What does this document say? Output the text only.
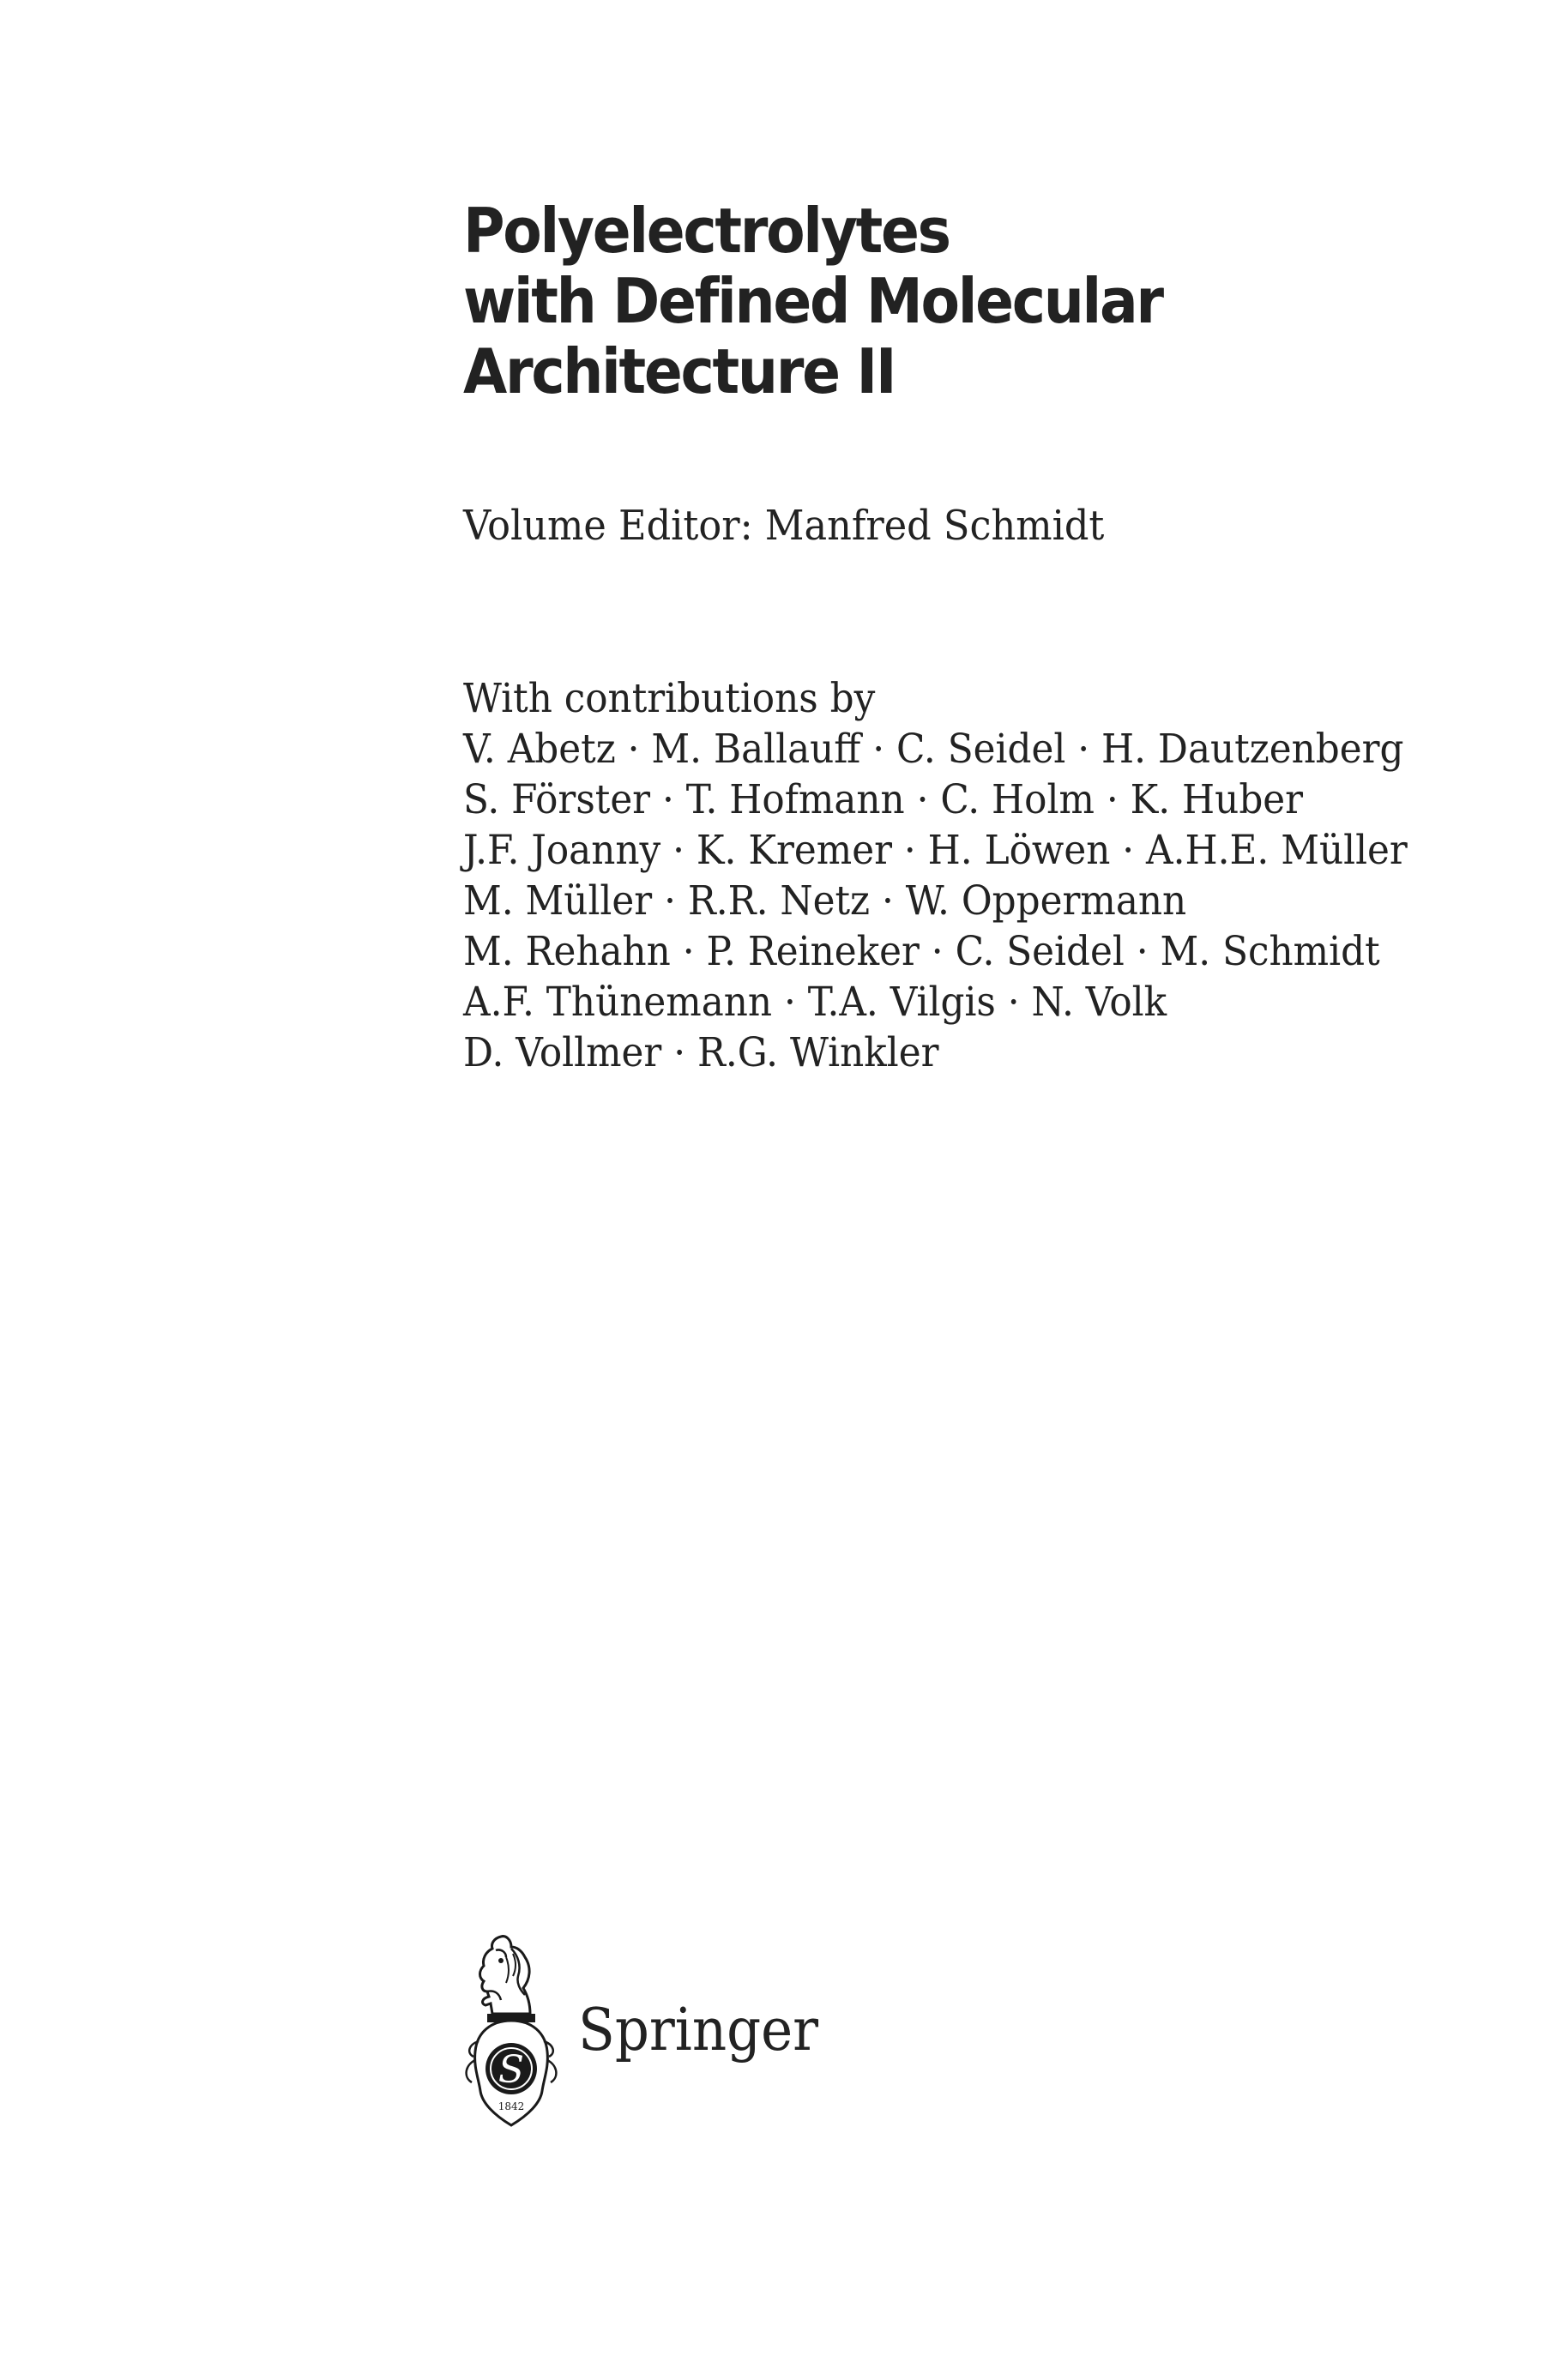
Polyelectrolytes
with Defined Molecular
Architecture II
Volume Editor: Manfred Schmidt
With contributions by
V. Abetz · M. Ballauff · C. Seidel · H. Dautzenberg
S. Förster · T. Hofmann · C. Holm · K. Huber
J.F. Joanny · K. Kremer · H. Löwen · A.H.E. Müller
M. Müller · R.R. Netz · W. Oppermann
M. Rehahn · P. Reineker · C. Seidel · M. Schmidt
A.F. Thünemann · T.A. Vilgis · N. Volk
D. Vollmer · R.G. Winkler
S
1842
Springer
